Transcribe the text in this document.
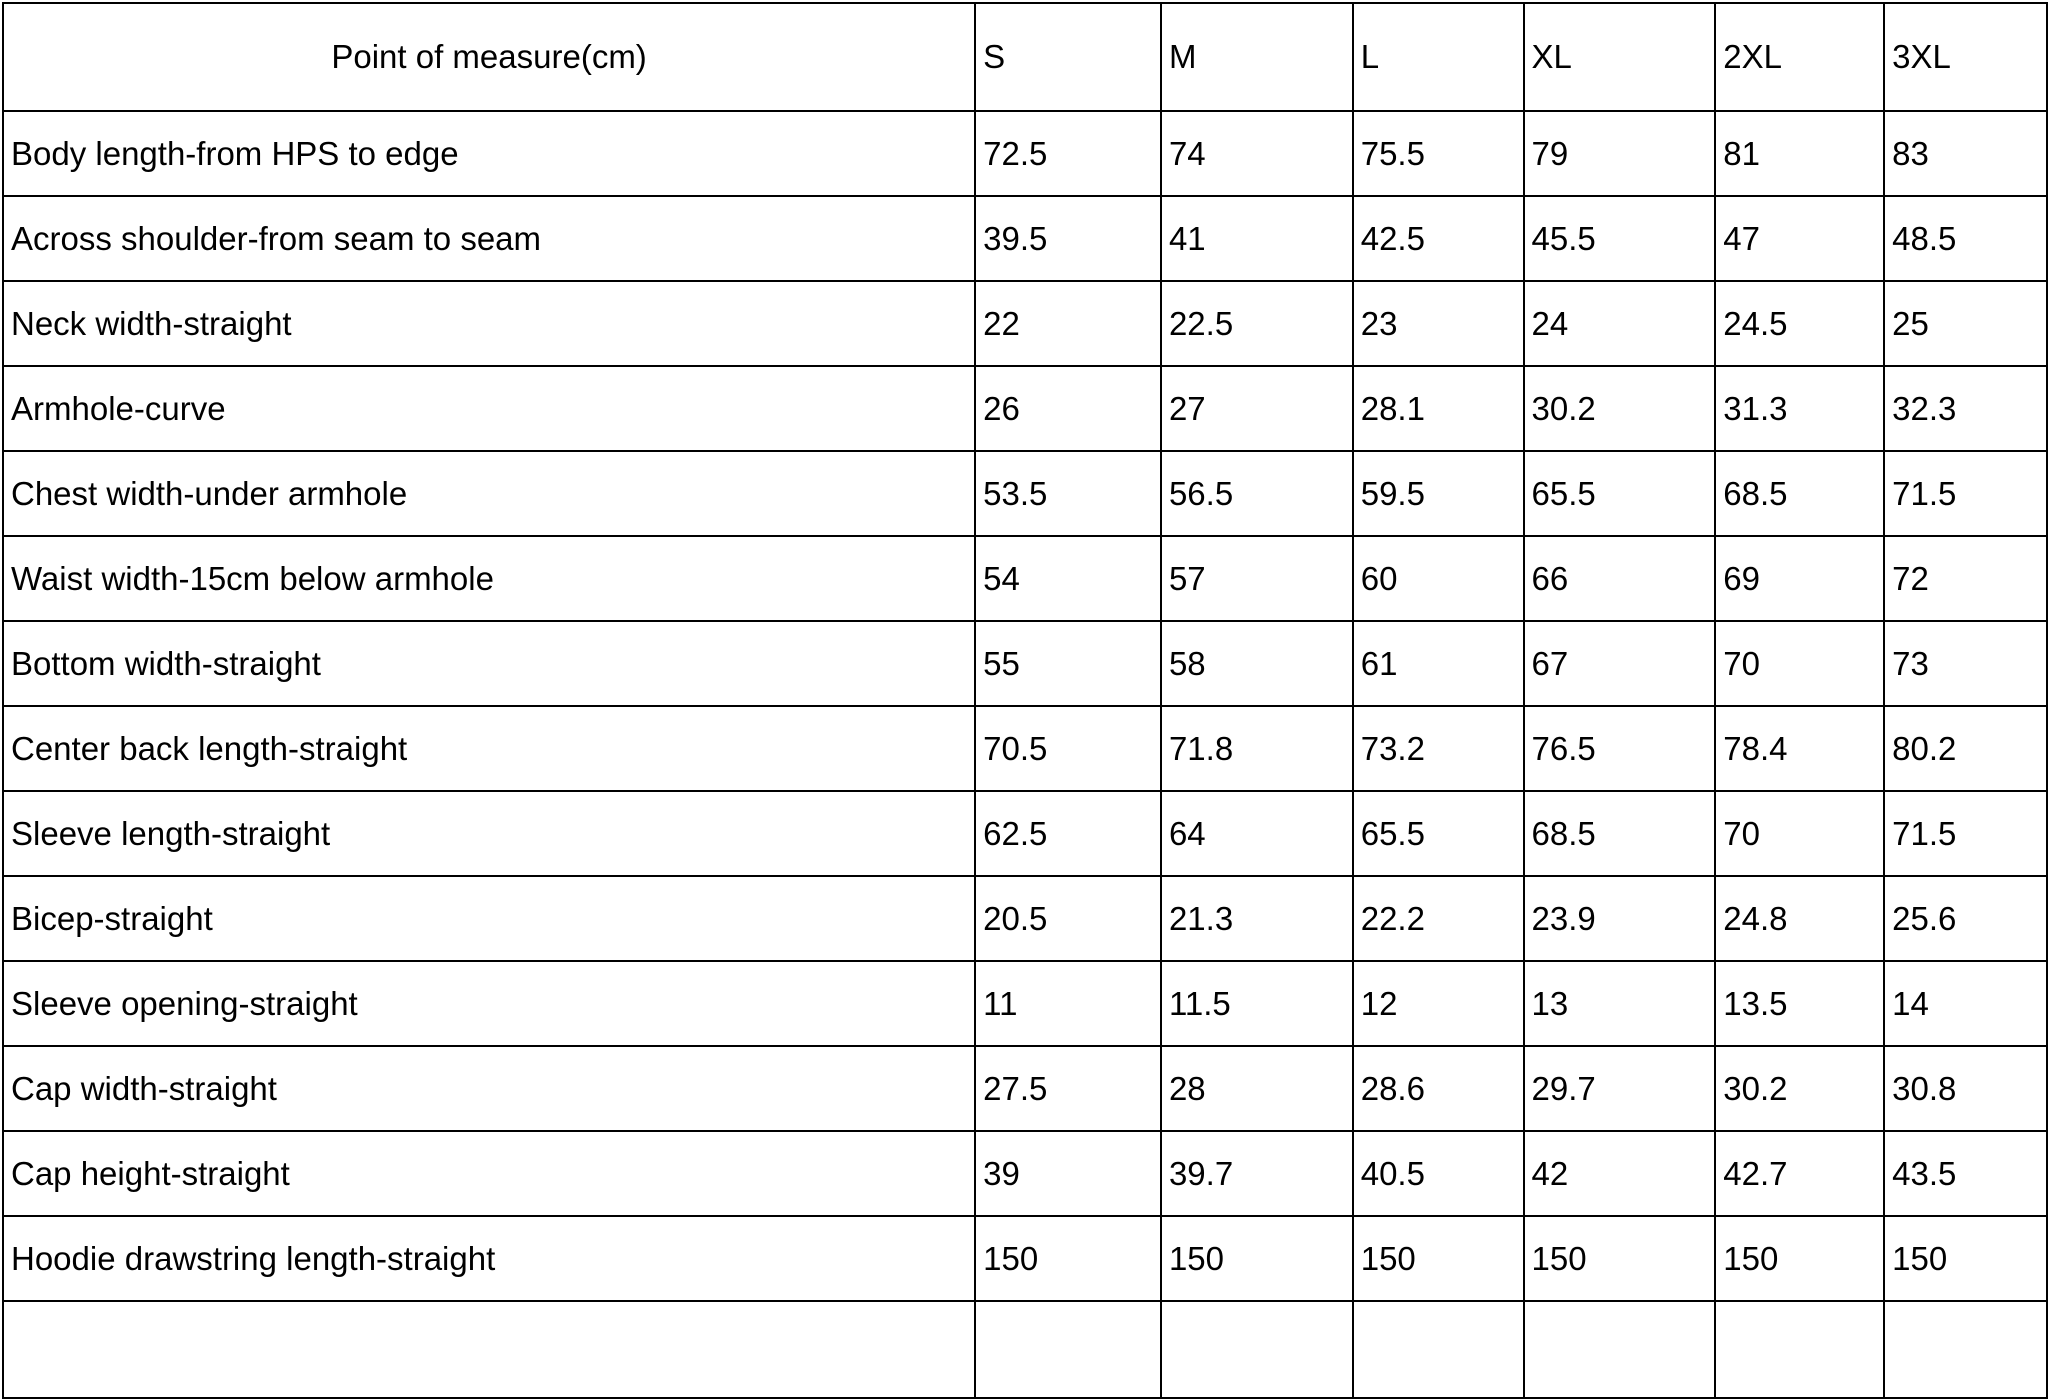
Point of measure(cm)	S	M	L	XL	2XL	3XL
Body length-from HPS to edge	72.5	74	75.5	79	81	83
Across shoulder-from seam to seam	39.5	41	42.5	45.5	47	48.5
Neck width-straight	22	22.5	23	24	24.5	25
Armhole-curve	26	27	28.1	30.2	31.3	32.3
Chest width-under armhole	53.5	56.5	59.5	65.5	68.5	71.5
Waist width-15cm below armhole	54	57	60	66	69	72
Bottom width-straight	55	58	61	67	70	73
Center back length-straight	70.5	71.8	73.2	76.5	78.4	80.2
Sleeve length-straight	62.5	64	65.5	68.5	70	71.5
Bicep-straight	20.5	21.3	22.2	23.9	24.8	25.6
Sleeve opening-straight	11	11.5	12	13	13.5	14
Cap width-straight	27.5	28	28.6	29.7	30.2	30.8
Cap height-straight	39	39.7	40.5	42	42.7	43.5
Hoodie drawstring length-straight	150	150	150	150	150	150
